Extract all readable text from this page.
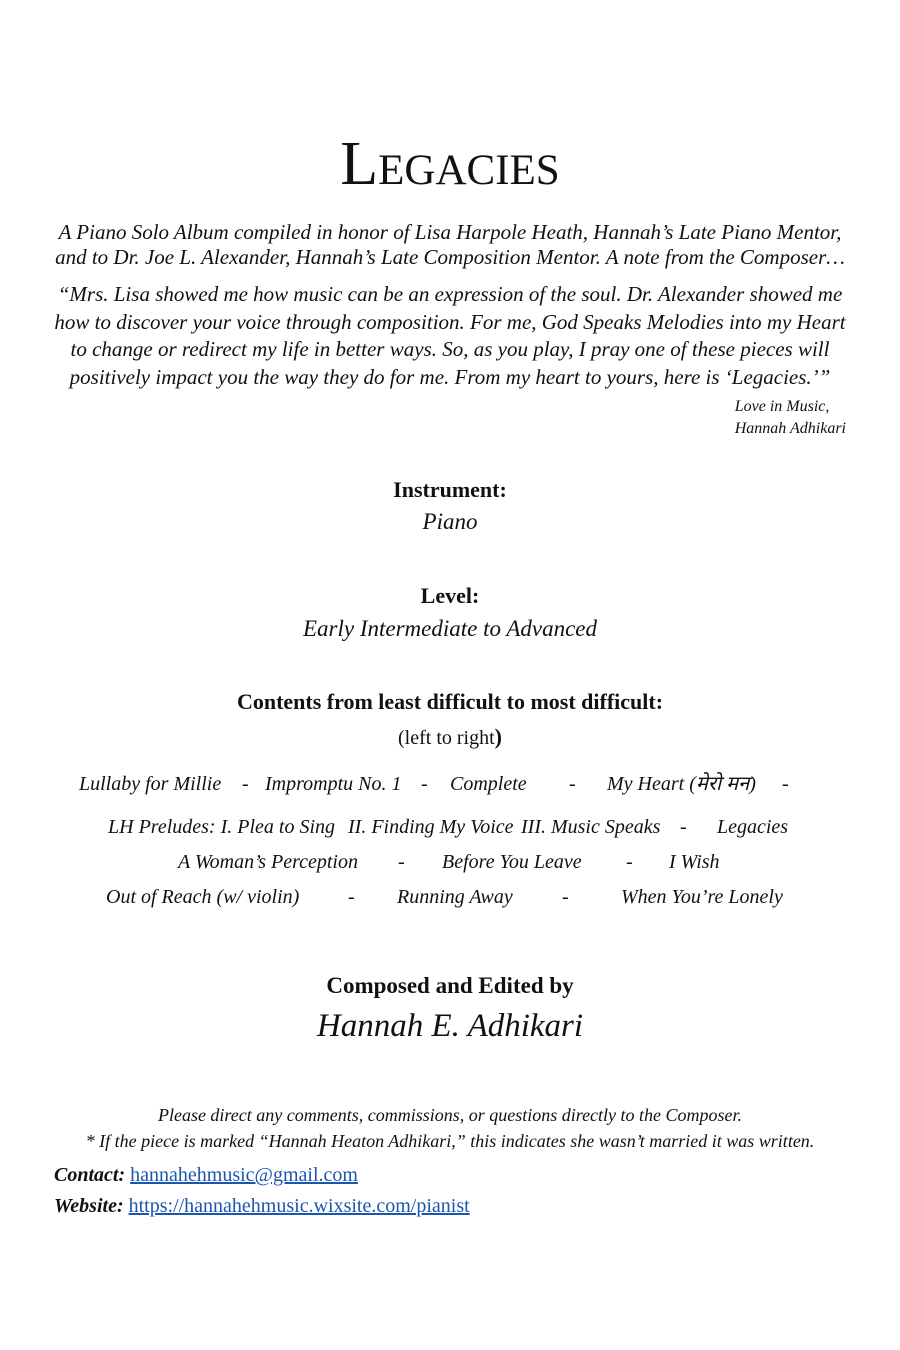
Legacies
A Piano Solo Album compiled in honor of Lisa Harpole Heath, Hannah’s Late Piano Mentor,
and to Dr. Joe L. Alexander, Hannah’s Late Composition Mentor. A note from the Composer…
“Mrs. Lisa showed me how music can be an expression of the soul. Dr. Alexander showed me
how to discover your voice through composition. For me, God Speaks Melodies into my Heart
to change or redirect my life in better ways. So, as you play, I pray one of these pieces will
positively impact you the way they do for me. From my heart to yours, here is ‘Legacies.’”
Love in Music,
Hannah Adhikari
Instrument:
Piano
Level:
Early Intermediate to Advanced
Contents from least difficult to most difficult:
(left to right)
Lullaby for Millie - Impromptu No. 1 - Complete - My Heart (मेरो मन) -
LH Preludes: I. Plea to Sing II. Finding My Voice III. Music Speaks - Legacies
A Woman’s Perception - Before You Leave - I Wish
Out of Reach (w/ violin) - Running Away -	When You’re Lonely
Composed and Edited by
Hannah E. Adhikari
Please direct any comments, commissions, or questions directly to the Composer.
* If the piece is marked “Hannah Heaton Adhikari,” this indicates she wasn’t married it was written.
Contact: hannahehmusic@gmail.com
Website: https://hannahehmusic.wixsite.com/pianist
